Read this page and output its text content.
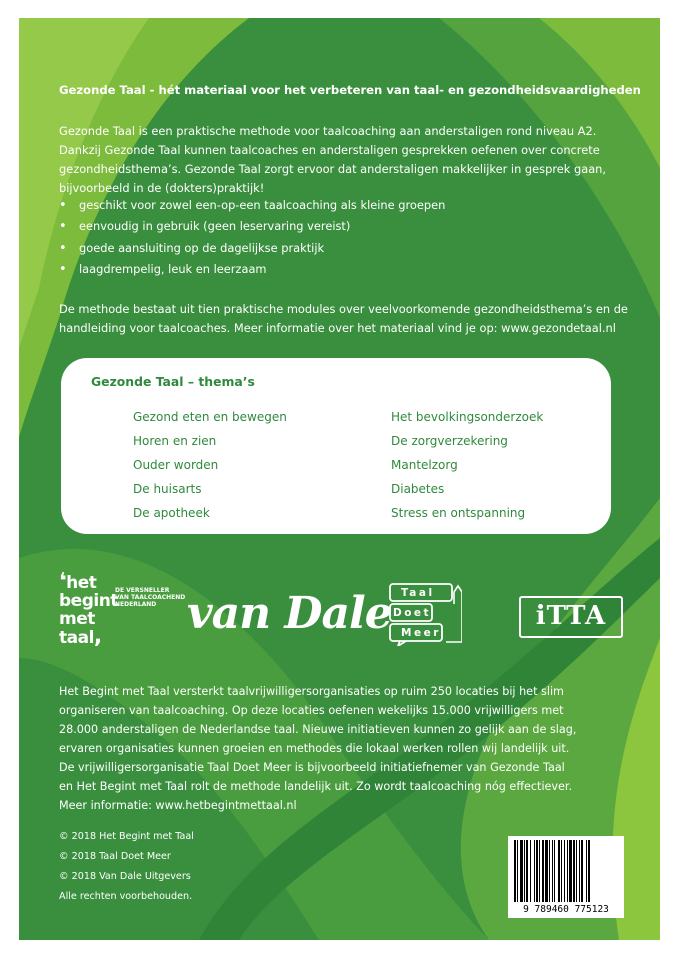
Gezonde Taal - hét materiaal voor het verbeteren van taal- en gezondheidsvaardigheden

Gezonde Taal is een praktische methode voor taalcoaching aan anderstaligen rond niveau A2.
Dankzij Gezonde Taal kunnen taalcoaches en anderstaligen gesprekken oefenen over concrete
gezondheidsthema’s. Gezonde Taal zorgt ervoor dat anderstaligen makkelijker in gesprek gaan,
bijvoorbeeld in de (dokters)praktijk!

• geschikt voor zowel een-op-een taalcoaching als kleine groepen
• eenvoudig in gebruik (geen leservaring vereist)
• goede aansluiting op de dagelijkse praktijk
• laagdrempelig, leuk en leerzaam

De methode bestaat uit tien praktische modules over veelvoorkomende gezondheidsthema’s en de
handleiding voor taalcoaches. Meer informatie over het materiaal vind je op: www.gezondetaal.nl

Gezonde Taal – thema’s
Gezond eten en bewegen
Horen en zien
Ouder worden
De huisarts
De apotheek
Het bevolkingsonderzoek
De zorgverzekering
Mantelzorg
Diabetes
Stress en ontspanning
❛het
begint
met
taal,
DE VERSNELLER
VAN TAALCOACHEND
NEDERLAND van Dale Taal
Doet
Meer
iTTA

Het Begint met Taal versterkt taalvrijwilligersorganisaties op ruim 250 locaties bij het slim
organiseren van taalcoaching. Op deze locaties oefenen wekelijks 15.000 vrijwilligers met
28.000 anderstaligen de Nederlandse taal. Nieuwe initiatieven kunnen zo gelijk aan de slag,
ervaren organisaties kunnen groeien en methodes die lokaal werken rollen wij landelijk uit.
De vrijwilligersorganisatie Taal Doet Meer is bijvoorbeeld initiatiefnemer van Gezonde Taal
en Het Begint met Taal rolt de methode landelijk uit. Zo wordt taalcoaching nóg effectiever.
Meer informatie: www.hetbegintmettaal.nl

© 2018 Het Begint met Taal
© 2018 Taal Doet Meer
© 2018 Van Dale Uitgevers
Alle rechten voorbehouden.
9 789460 775123
